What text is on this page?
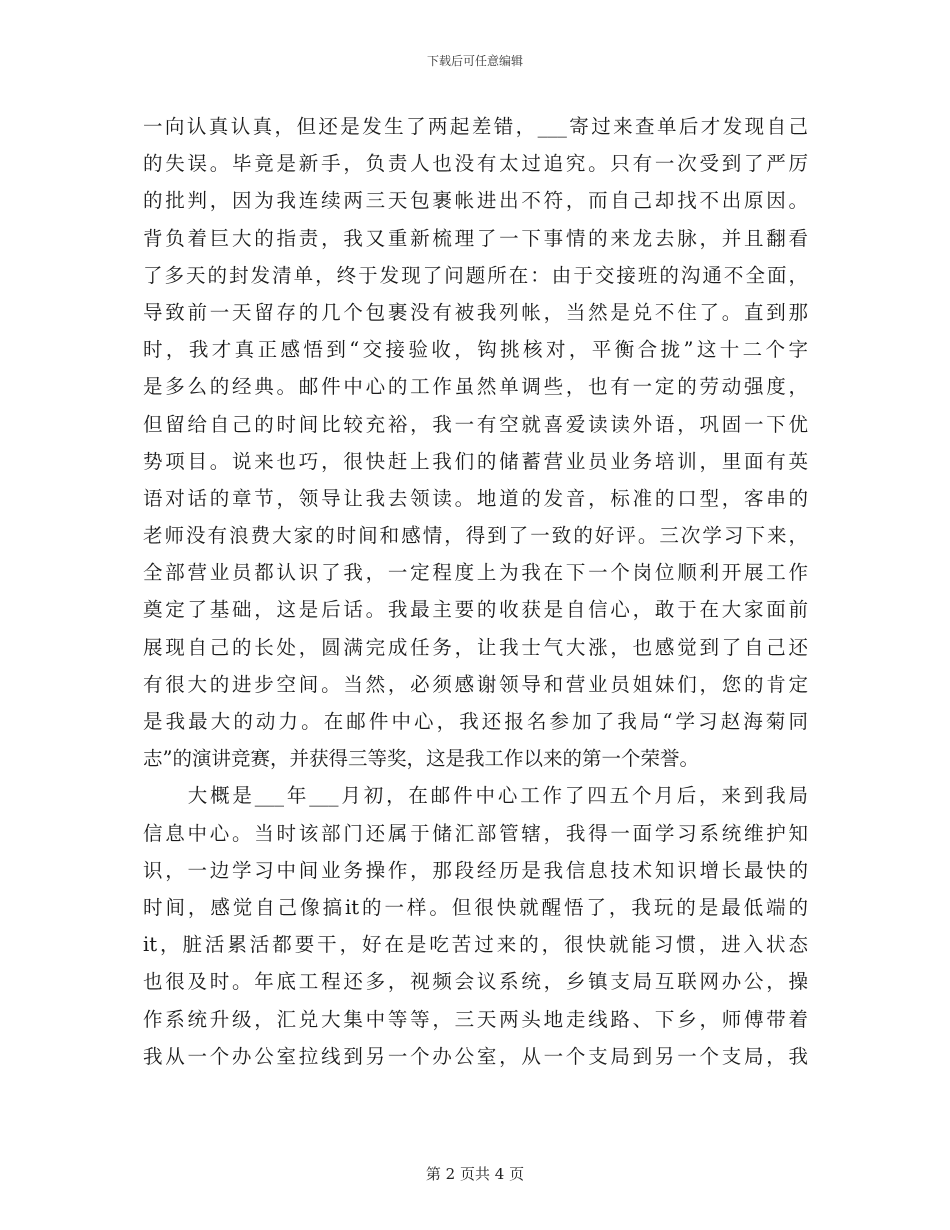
下载后可任意编辑
一向认真认真，但还是发生了两起差错，___寄过来查单后才发现自己
的失误。毕竟是新手，负责人也没有太过追究。只有一次受到了严厉
的批判，因为我连续两三天包裹帐进出不符，而自己却找不出原因。
背负着巨大的指责，我又重新梳理了一下事情的来龙去脉，并且翻看
了多天的封发清单，终于发现了问题所在：由于交接班的沟通不全面，
导致前一天留存的几个包裹没有被我列帐，当然是兑不住了。直到那
时，我才真正感悟到“交接验收，钩挑核对，平衡合拢”这十二个字
是多么的经典。邮件中心的工作虽然单调些，也有一定的劳动强度，
但留给自己的时间比较充裕，我一有空就喜爱读读外语，巩固一下优
势项目。说来也巧，很快赶上我们的储蓄营业员业务培训，里面有英
语对话的章节，领导让我去领读。地道的发音，标准的口型，客串的
老师没有浪费大家的时间和感情，得到了一致的好评。三次学习下来，
全部营业员都认识了我，一定程度上为我在下一个岗位顺利开展工作
奠定了基础，这是后话。我最主要的收获是自信心，敢于在大家面前
展现自己的长处，圆满完成任务，让我士气大涨，也感觉到了自己还
有很大的进步空间。当然，必须感谢领导和营业员姐妹们，您的肯定
是我最大的动力。在邮件中心，我还报名参加了我局“学习赵海菊同
志”的演讲竞赛，并获得三等奖，这是我工作以来的第一个荣誉。
　　大概是___年___月初，在邮件中心工作了四五个月后，来到我局
信息中心。当时该部门还属于储汇部管辖，我得一面学习系统维护知
识，一边学习中间业务操作，那段经历是我信息技术知识增长最快的
时间，感觉自己像搞it的一样。但很快就醒悟了，我玩的是最低端的
it，脏活累活都要干，好在是吃苦过来的，很快就能习惯，进入状态
也很及时。年底工程还多，视频会议系统，乡镇支局互联网办公，操
作系统升级，汇兑大集中等等，三天两头地走线路、下乡，师傅带着
我从一个办公室拉线到另一个办公室，从一个支局到另一个支局，我
第 2 页共 4 页
